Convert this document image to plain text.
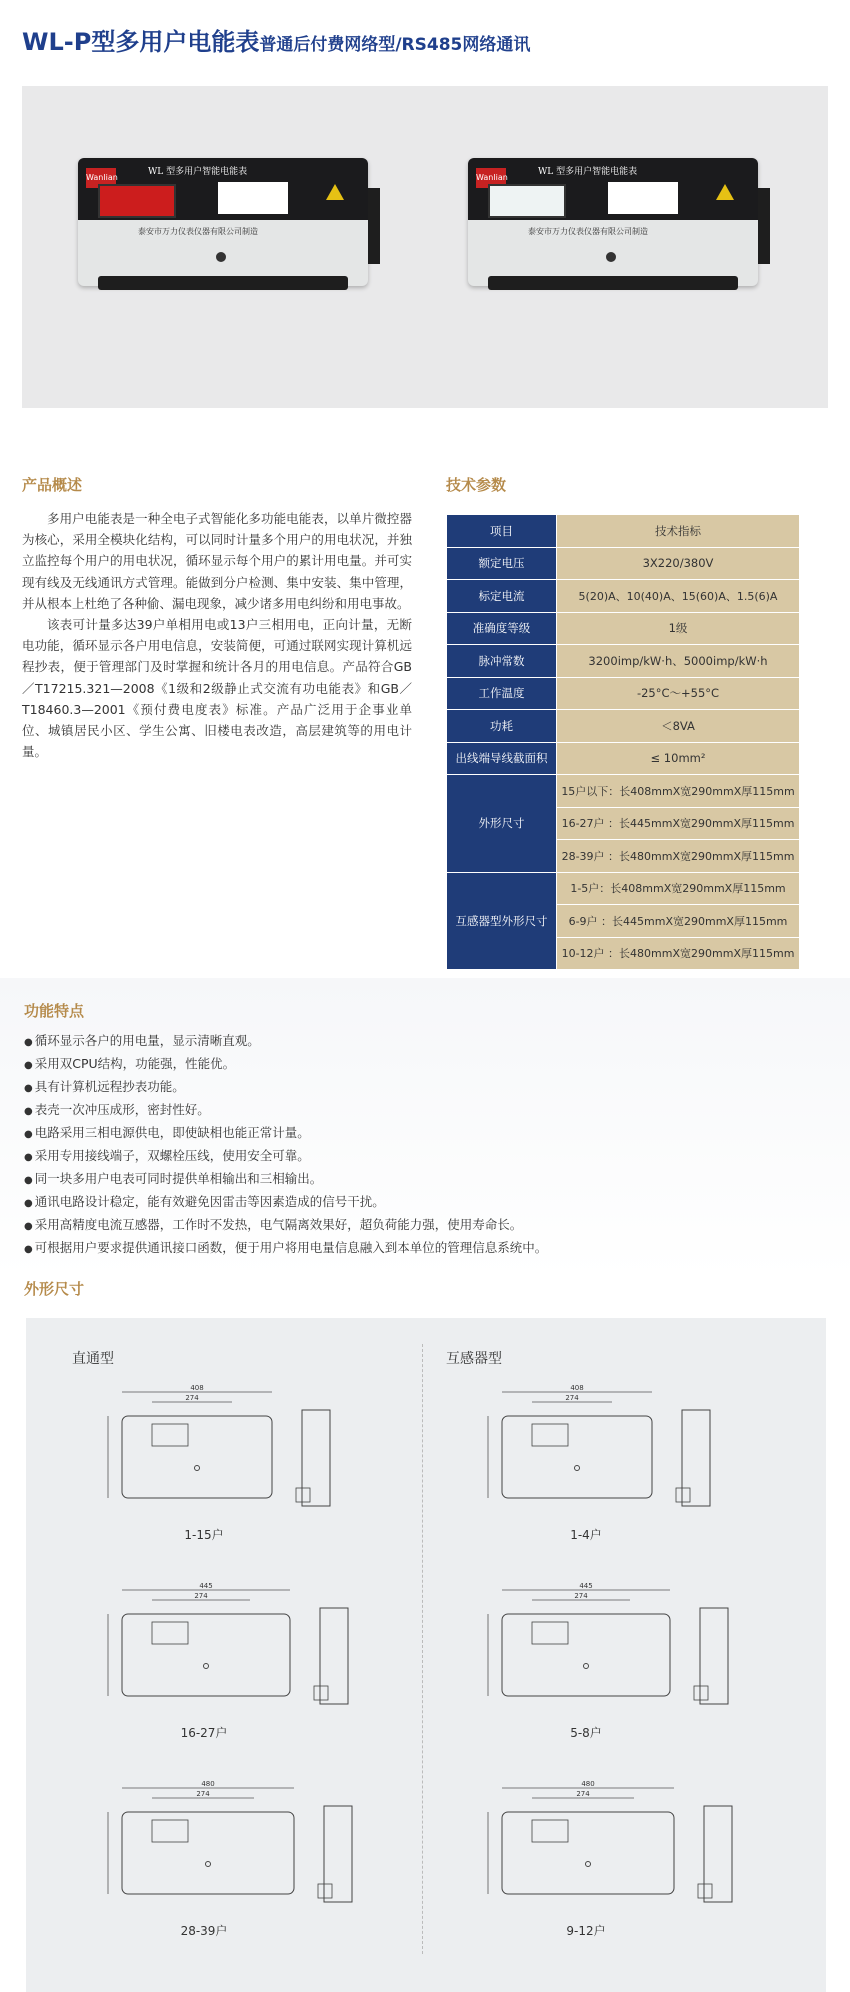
WL-P型多用户电能表普通后付费网络型/RS485网络通讯
Wanlian
WL 型多用户智能电能表
泰安市万力仪表仪器有限公司制造
Wanlian
WL 型多用户智能电能表
泰安市万力仪表仪器有限公司制造
产品概述

多用户电能表是一种全电子式智能化多功能电能表，以单片微控器为核心，采用全模块化结构，可以同时计量多个用户的用电状况，并独立监控每个用户的用电状况，循环显示每个用户的累计用电量。并可实现有线及无线通讯方式管理。能做到分户检测、集中安装、集中管理，并从根本上杜绝了各种偷、漏电现象，减少诸多用电纠纷和用电事故。

该表可计量多达39户单相用电或13户三相用电，正向计量，无断电功能，循环显示各户用电信息，安装简便，可通过联网实现计算机远程抄表，便于管理部门及时掌握和统计各月的用电信息。产品符合GB／T17215.321—2008《1级和2级静止式交流有功电能表》和GB／T18460.3—2001《预付费电度表》标准。产品广泛用于企事业单位、城镇居民小区、学生公寓、旧楼电表改造，高层建筑等的用电计量。

技术参数
项目	技术指标
额定电压	3X220/380V
标定电流	5(20)A、10(40)A、15(60)A、1.5(6)A
准确度等级	1级
脉冲常数	3200imp/kW·h、5000imp/kW·h
工作温度	-25°C～+55°C
功耗	＜8VA
出线端导线截面积	≤ 10mm²
外形尺寸	15户以下：长408mmX宽290mmX厚115mm
	16-27户 ：长445mmX宽290mmX厚115mm
	28-39户 ：长480mmX宽290mmX厚115mm
互感器型外形尺寸	1-5户：长408mmX宽290mmX厚115mm
	6-9户 ：长445mmX宽290mmX厚115mm
	10-12户 ：长480mmX宽290mmX厚115mm
功能特点
● 循环显示各户的用电量，显示清晰直观。
● 采用双CPU结构，功能强，性能优。
● 具有计算机远程抄表功能。
● 表壳一次冲压成形，密封性好。
● 电路采用三相电源供电，即使缺相也能正常计量。
● 采用专用接线端子，双螺栓压线，使用安全可靠。
● 同一块多用户电表可同时提供单相输出和三相输出。
● 通讯电路设计稳定，能有效避免因雷击等因素造成的信号干扰。
● 采用高精度电流互感器，工作时不发热，电气隔离效果好，超负荷能力强，使用寿命长。
● 可根据用户要求提供通讯接口函数，便于用户将用电量信息融入到本单位的管理信息系统中。
外形尺寸
直通型	互感器型
408
274
408
274
445
274
445
274
480
274
480
274
1-15户	1-4户
16-27户	5-8户
28-39户	9-12户
